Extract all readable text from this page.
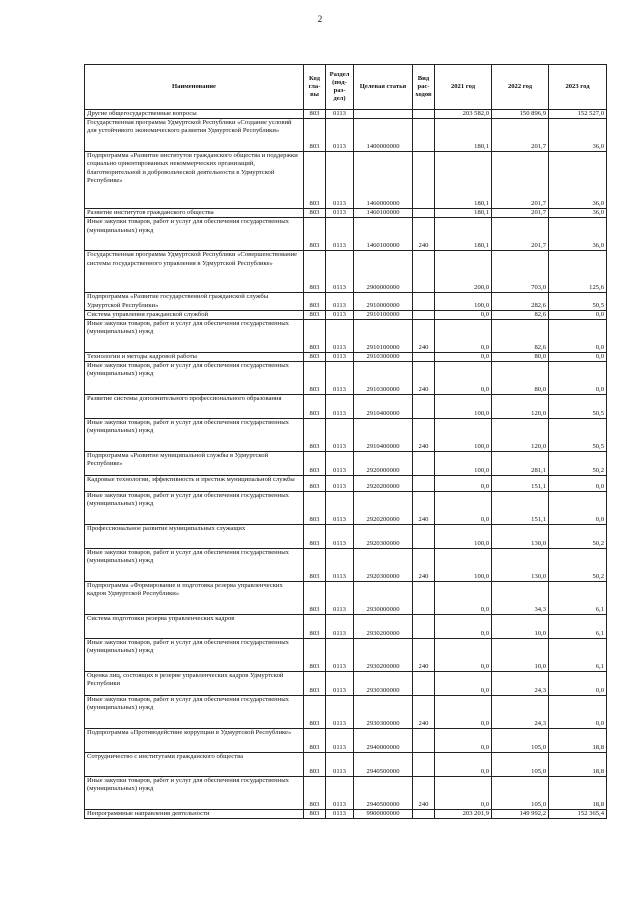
2
Наименование	Код гла- вы	Раздел (под- раз- дел)	Целевая статья	Вид рас- ходов	2021 год	2022 год	2023 год
Другие общегосударственные вопросы	803	0113			203 582,0	150 896,9	152 527,0
Государственная программа Удмуртской Республики «Создание условий для устойчивого экономического развития Удмуртской Республики»	803	0113	1400000000		180,1	201,7	36,0
Подпрограмма «Развитие институтов гражданского общества и поддержки социально ориентированных некоммерческих организаций, благотворительной и добровольческой деятельности в Удмуртской Республике»	803	0113	1460000000		180,1	201,7	36,0
Развитие институтов гражданского общества	803	0113	1460100000		180,1	201,7	36,0
Иные закупки товаров, работ и услуг для обеспечения государственных (муниципальных) нужд	803	0113	1460100000	240	180,1	201,7	36,0
Государственная программа Удмуртской Республики «Совершенствование системы государственного управления в Удмуртской Республике»	803	0113	2900000000		200,0	703,0	125,6
Подпрограмма «Развитие государственной гражданской службы Удмуртской Республики»	803	0113	2910000000		100,0	282,6	50,5
Система управления гражданской службой	803	0113	2910100000		0,0	82,6	0,0
Иные закупки товаров, работ и услуг для обеспечения государственных (муниципальных) нужд	803	0113	2910100000	240	0,0	82,6	0,0
Технологии и методы кадровой работы	803	0113	2910300000		0,0	80,0	0,0
Иные закупки товаров, работ и услуг для обеспечения государственных (муниципальных) нужд	803	0113	2910300000	240	0,0	80,0	0,0
Развитие системы дополнительного профессионального образования	803	0113	2910400000		100,0	120,0	50,5
Иные закупки товаров, работ и услуг для обеспечения государственных (муниципальных) нужд	803	0113	2910400000	240	100,0	120,0	50,5
Подпрограмма «Развитие муниципальной службы в Удмуртской Республике»	803	0113	2920000000		100,0	281,1	50,2
Кадровые технологии, эффективность и престиж муниципальной службы	803	0113	2920200000		0,0	151,1	0,0
Иные закупки товаров, работ и услуг для обеспечения государственных (муниципальных) нужд	803	0113	2920200000	240	0,0	151,1	0,0
Профессиональное развитие муниципальных служащих	803	0113	2920300000		100,0	130,0	50,2
Иные закупки товаров, работ и услуг для обеспечения государственных (муниципальных) нужд	803	0113	2920300000	240	100,0	130,0	50,2
Подпрограмма «Формирование и подготовка резерва управленческих кадров Удмуртской Республики»	803	0113	2930000000		0,0	34,3	6,1
Система подготовки резерва управленческих кадров	803	0113	2930200000		0,0	10,0	6,1
Иные закупки товаров, работ и услуг для обеспечения государственных (муниципальных) нужд	803	0113	2930200000	240	0,0	10,0	6,1
Оценка лиц, состоящих в резерве управленческих кадров Удмуртской Республики	803	0113	2930300000		0,0	24,3	0,0
Иные закупки товаров, работ и услуг для обеспечения государственных (муниципальных) нужд	803	0113	2930300000	240	0,0	24,3	0,0
Подпрограмма «Противодействие коррупции в Удмуртской Республике»	803	0113	2940000000		0,0	105,0	18,8
Сотрудничество с институтами гражданского общества	803	0113	2940500000		0,0	105,0	18,8
Иные закупки товаров, работ и услуг для обеспечения государственных (муниципальных) нужд	803	0113	2940500000	240	0,0	105,0	18,8
Непрограммные направления деятельности	803	0113	9900000000		203 201,9	149 992,2	152 365,4
